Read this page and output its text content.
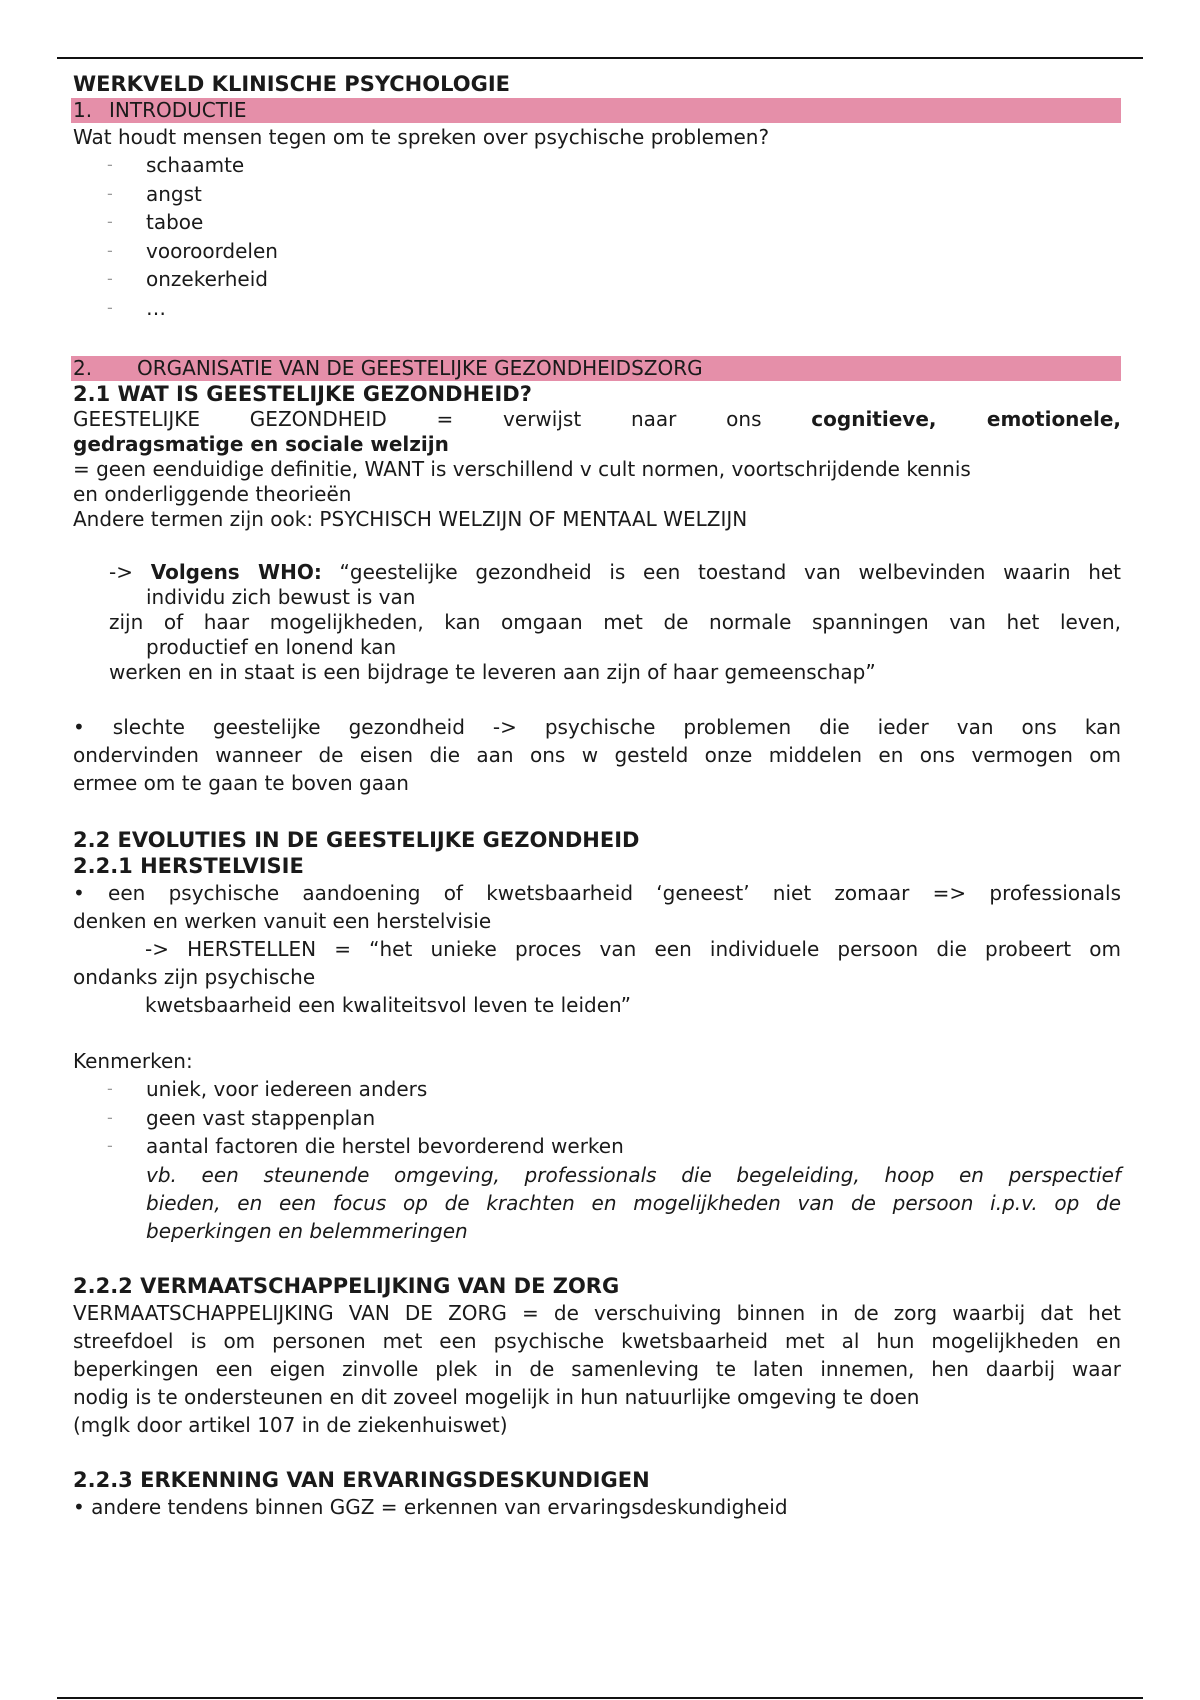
WERKVELD KLINISCHE PSYCHOLOGIE
1. INTRODUCTIE
Wat houdt mensen tegen om te spreken over psychische problemen?
- schaamte
- angst
- taboe
- vooroordelen
- onzekerheid
- …
2. ORGANISATIE VAN DE GEESTELIJKE GEZONDHEIDSZORG
2.1 WAT IS GEESTELIJKE GEZONDHEID?
GEESTELIJKE GEZONDHEID = verwijst naar ons cognitieve, emotionele,
gedragsmatige en sociale welzijn
= geen eenduidige definitie, WANT is verschillend v cult normen, voortschrijdende kennis
en onderliggende theorieën
Andere termen zijn ook: PSYCHISCH WELZIJN OF MENTAAL WELZIJN
-> Volgens WHO: “geestelijke gezondheid is een toestand van welbevinden waarin het
individu zich bewust is van
zijn of haar mogelijkheden, kan omgaan met de normale spanningen van het leven,
productief en lonend kan
werken en in staat is een bijdrage te leveren aan zijn of haar gemeenschap”
• slechte geestelijke gezondheid -> psychische problemen die ieder van ons kan
ondervinden wanneer de eisen die aan ons w gesteld onze middelen en ons vermogen om
ermee om te gaan te boven gaan
2.2 EVOLUTIES IN DE GEESTELIJKE GEZONDHEID
2.2.1 HERSTELVISIE
• een psychische aandoening of kwetsbaarheid ‘geneest’ niet zomaar => professionals
denken en werken vanuit een herstelvisie
-> HERSTELLEN = “het unieke proces van een individuele persoon die probeert om
ondanks zijn psychische
kwetsbaarheid een kwaliteitsvol leven te leiden”
Kenmerken:
- uniek, voor iedereen anders
- geen vast stappenplan
- aantal factoren die herstel bevorderend werken
vb. een steunende omgeving, professionals die begeleiding, hoop en perspectief
bieden, en een focus op de krachten en mogelijkheden van de persoon i.p.v. op de
beperkingen en belemmeringen
2.2.2 VERMAATSCHAPPELIJKING VAN DE ZORG
VERMAATSCHAPPELIJKING VAN DE ZORG = de verschuiving binnen in de zorg waarbij dat het
streefdoel is om personen met een psychische kwetsbaarheid met al hun mogelijkheden en
beperkingen een eigen zinvolle plek in de samenleving te laten innemen, hen daarbij waar
nodig is te ondersteunen en dit zoveel mogelijk in hun natuurlijke omgeving te doen
(mglk door artikel 107 in de ziekenhuiswet)
2.2.3 ERKENNING VAN ERVARINGSDESKUNDIGEN
• andere tendens binnen GGZ = erkennen van ervaringsdeskundigheid
